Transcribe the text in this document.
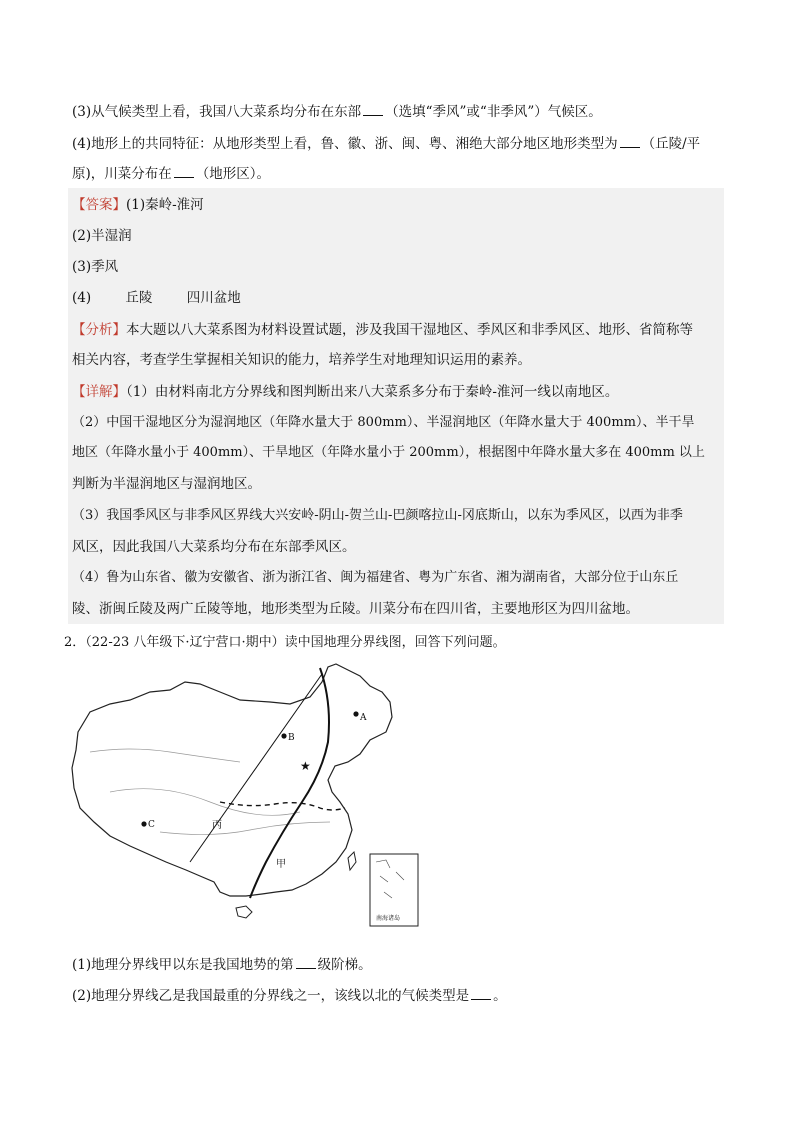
(3)从气候类型上看，我国八大菜系均分布在东部 （选填“季风”或“非季风”）气候区。
(4)地形上的共同特征：从地形类型上看，鲁、徽、浙、闽、粤、湘绝大部分地区地形类型为 （丘陵/平
原)，川菜分布在 （地形区）。
【答案】(1)秦岭-淮河
(2)半湿润
(3)季风
(4)	丘陵	四川盆地
【分析】本大题以八大菜系图为材料设置试题，涉及我国干湿地区、季风区和非季风区、地形、省简称等
相关内容，考查学生掌握相关知识的能力，培养学生对地理知识运用的素养。
【详解】（1）由材料南北方分界线和图判断出来八大菜系多分布于秦岭-淮河一线以南地区。
（2）中国干湿地区分为湿润地区（年降水量大于 800mm）、半湿润地区（年降水量大于 400mm）、半干旱
地区（年降水量小于 400mm）、干旱地区（年降水量小于 200mm），根据图中年降水量大多在 400mm 以上
判断为半湿润地区与湿润地区。
（3）我国季风区与非季风区界线大兴安岭-阴山-贺兰山-巴颜喀拉山-冈底斯山，以东为季风区，以西为非季
风区，因此我国八大菜系均分布在东部季风区。
（4）鲁为山东省、徽为安徽省、浙为浙江省、闽为福建省、粤为广东省、湘为湖南省，大部分位于山东丘
陵、浙闽丘陵及两广丘陵等地，地形类型为丘陵。川菜分布在四川省，主要地形区为四川盆地。
2．（22-23 八年级下·辽宁营口·期中）读中国地理分界线图，回答下列问题。
★
A
B
C	丙
甲
南海诸岛
(1)地理分界线甲以东是我国地势的第 级阶梯。
(2)地理分界线乙是我国最重的分界线之一，该线以北的气候类型是 。
